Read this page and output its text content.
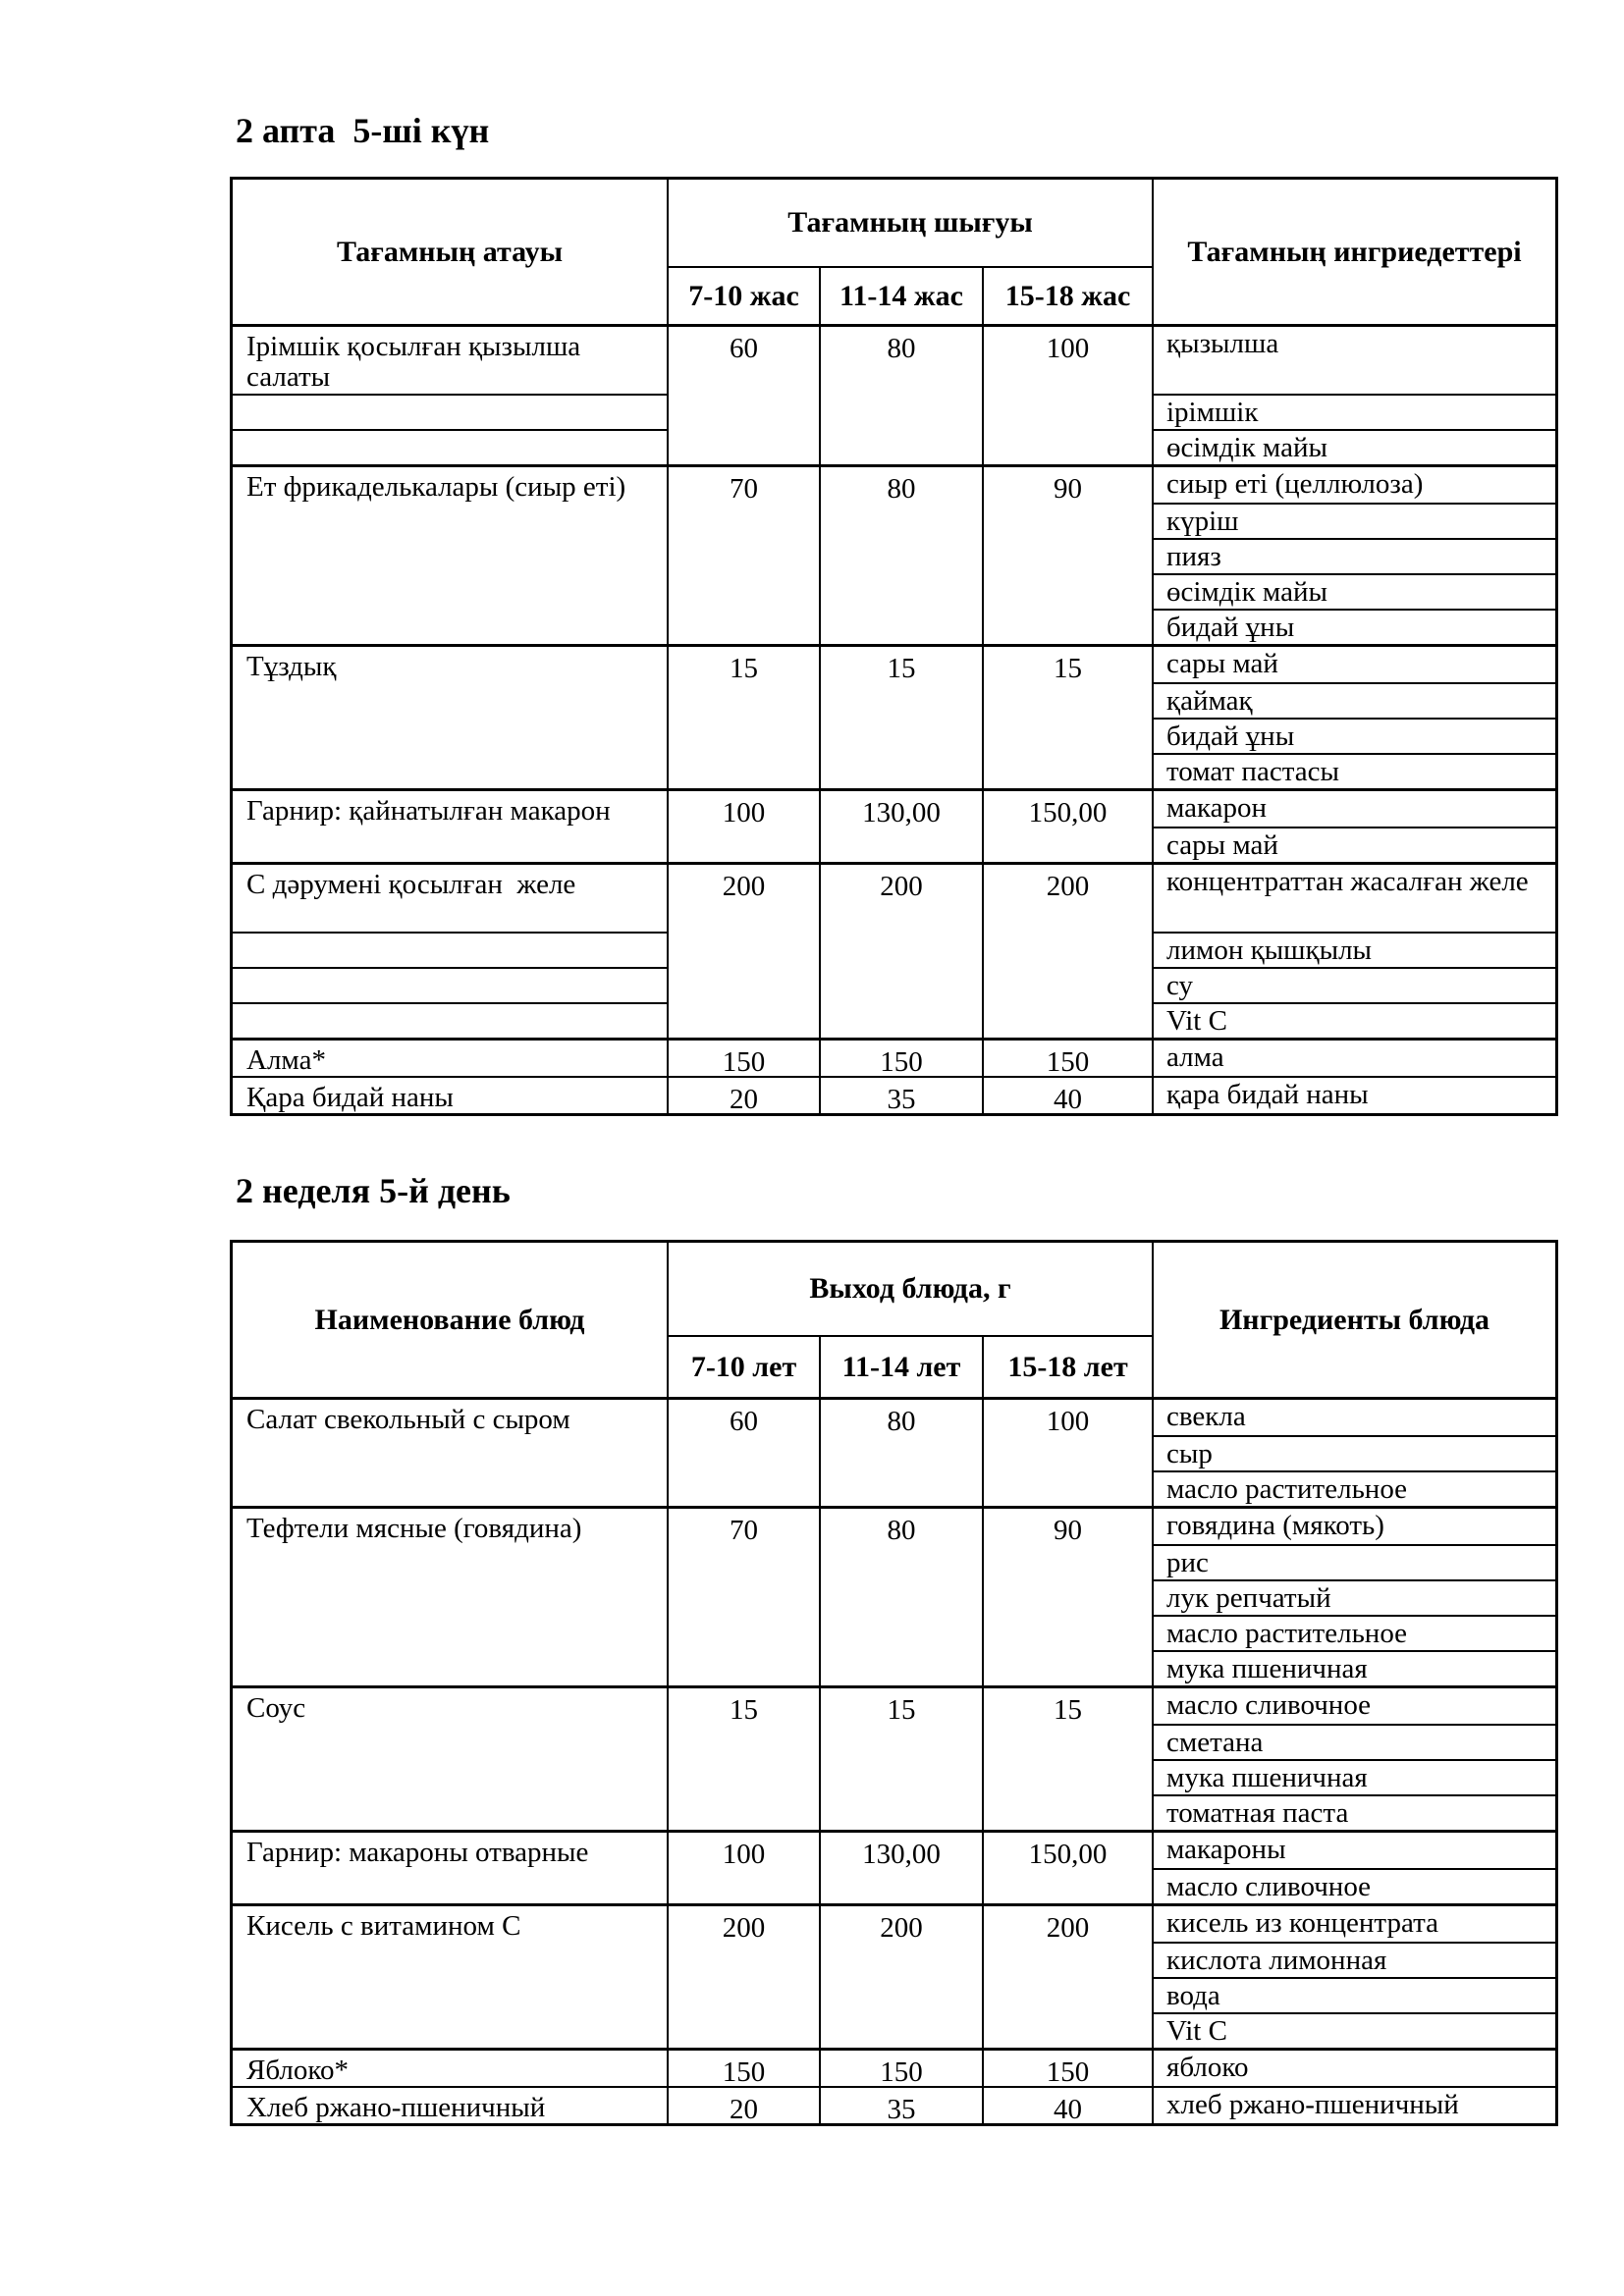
2 апта  5-ші күн
Тағамның атауы
Тағамның шығуы
7-10 жас	11-14 жас	15-18 жас
Тағамның ингриедеттері
Ірімшік қосылған қызылша салаты
60	80	100	қызылша
ірімшік
өсімдік майы
Ет фрикаделькалары (сиыр еті)	70	80	90	сиыр еті (целлюлоза)
күріш
пияз
өсімдік майы
бидай ұны
Тұздық	15	15	15	сары май
қаймақ
бидай ұны
томат пастасы
Гарнир: қайнатылған макарон	100	130,00	150,00	макарон
сары май
С дәрумені қосылған  желе	200	200	200	концентраттан жасалған желе
лимон қышқылы
су
Vit C
Алма*	150	150	150	алма
Қара бидай наны	20	35	40	қара бидай наны
2 неделя 5-й день
Наименование блюд
Выход блюда, г
7-10 лет	11-14 лет	15-18 лет
Ингредиенты блюда
Салат свекольный с сыром	60	80	100	свекла
сыр
масло растительное
Тефтели мясные (говядина)	70	80	90	говядина (мякоть)
рис
лук репчатый
масло растительное
мука пшеничная
Соус	15	15	15	масло сливочное
сметана
мука пшеничная
томатная паста
Гарнир: макароны отварные	100	130,00	150,00	макароны
масло сливочное
Кисель с витамином С	200	200	200	кисель из концентрата
кислота лимонная
вода
Vit C
Яблоко*	150	150	150	яблоко
Хлеб ржано-пшеничный	20	35	40	хлеб ржано-пшеничный
